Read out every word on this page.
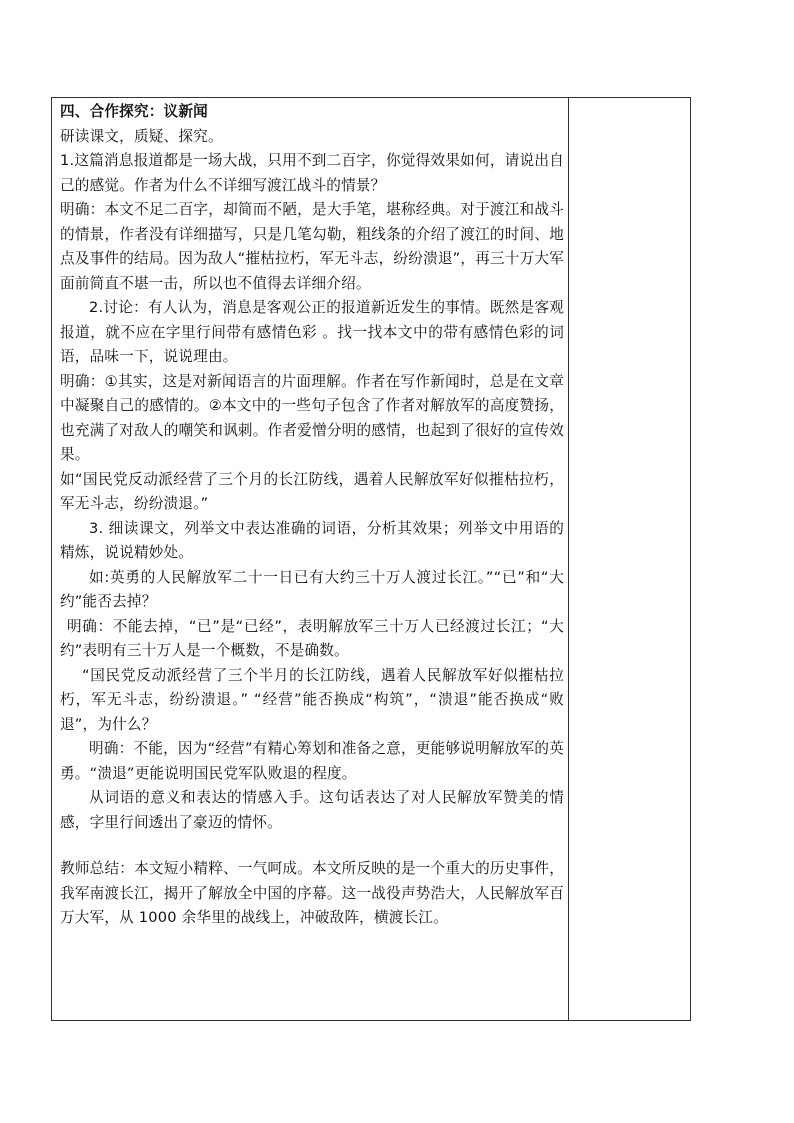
四、合作探究：议新闻

研读课文，质疑、探究。

1.这篇消息报道都是一场大战，只用不到二百字，你觉得效果如何，请说出自己的感觉。作者为什么不详细写渡江战斗的情景？

明确：本文不足二百字，却简而不陋，是大手笔，堪称经典。对于渡江和战斗的情景，作者没有详细描写，只是几笔勾勒，粗线条的介绍了渡江的时间、地点及事件的结局。因为敌人“摧枯拉朽，军无斗志，纷纷溃退”，再三十万大军面前简直不堪一击，所以也不值得去详细介绍。

2.讨论：有人认为，消息是客观公正的报道新近发生的事情。既然是客观报道，就不应在字里行间带有感情色彩 。找一找本文中的带有感情色彩的词语，品味一下，说说理由。

明确：①其实，这是对新闻语言的片面理解。作者在写作新闻时，总是在文章中凝聚自己的感情的。②本文中的一些句子包含了作者对解放军的高度赞扬，也充满了对敌人的嘲笑和讽刺。作者爱憎分明的感情，也起到了很好的宣传效果。

如“国民党反动派经营了三个月的长江防线，遇着人民解放军好似摧枯拉朽，军无斗志，纷纷溃退。”

3. 细读课文，列举文中表达准确的词语，分析其效果；列举文中用语的精炼，说说精妙处。

如:英勇的人民解放军二十一日已有大约三十万人渡过长江。”“已”和“大约”能否去掉？

明确：不能去掉，“已”是“已经”，表明解放军三十万人已经渡过长江；“大约”表明有三十万人是一个概数，不是确数。

“国民党反动派经营了三个半月的长江防线，遇着人民解放军好似摧枯拉朽，军无斗志，纷纷溃退。” “经营”能否换成“构筑”，“溃退”能否换成“败退”，为什么？

明确：不能，因为“经营”有精心筹划和准备之意，更能够说明解放军的英勇。“溃退”更能说明国民党军队败退的程度。

从词语的意义和表达的情感入手。这句话表达了对人民解放军赞美的情感，字里行间透出了豪迈的情怀。

教师总结：本文短小精粹、一气呵成。本文所反映的是一个重大的历史事件，我军南渡长江，揭开了解放全中国的序幕。这一战役声势浩大，人民解放军百万大军，从 1000 余华里的战线上，冲破敌阵，横渡长江。
